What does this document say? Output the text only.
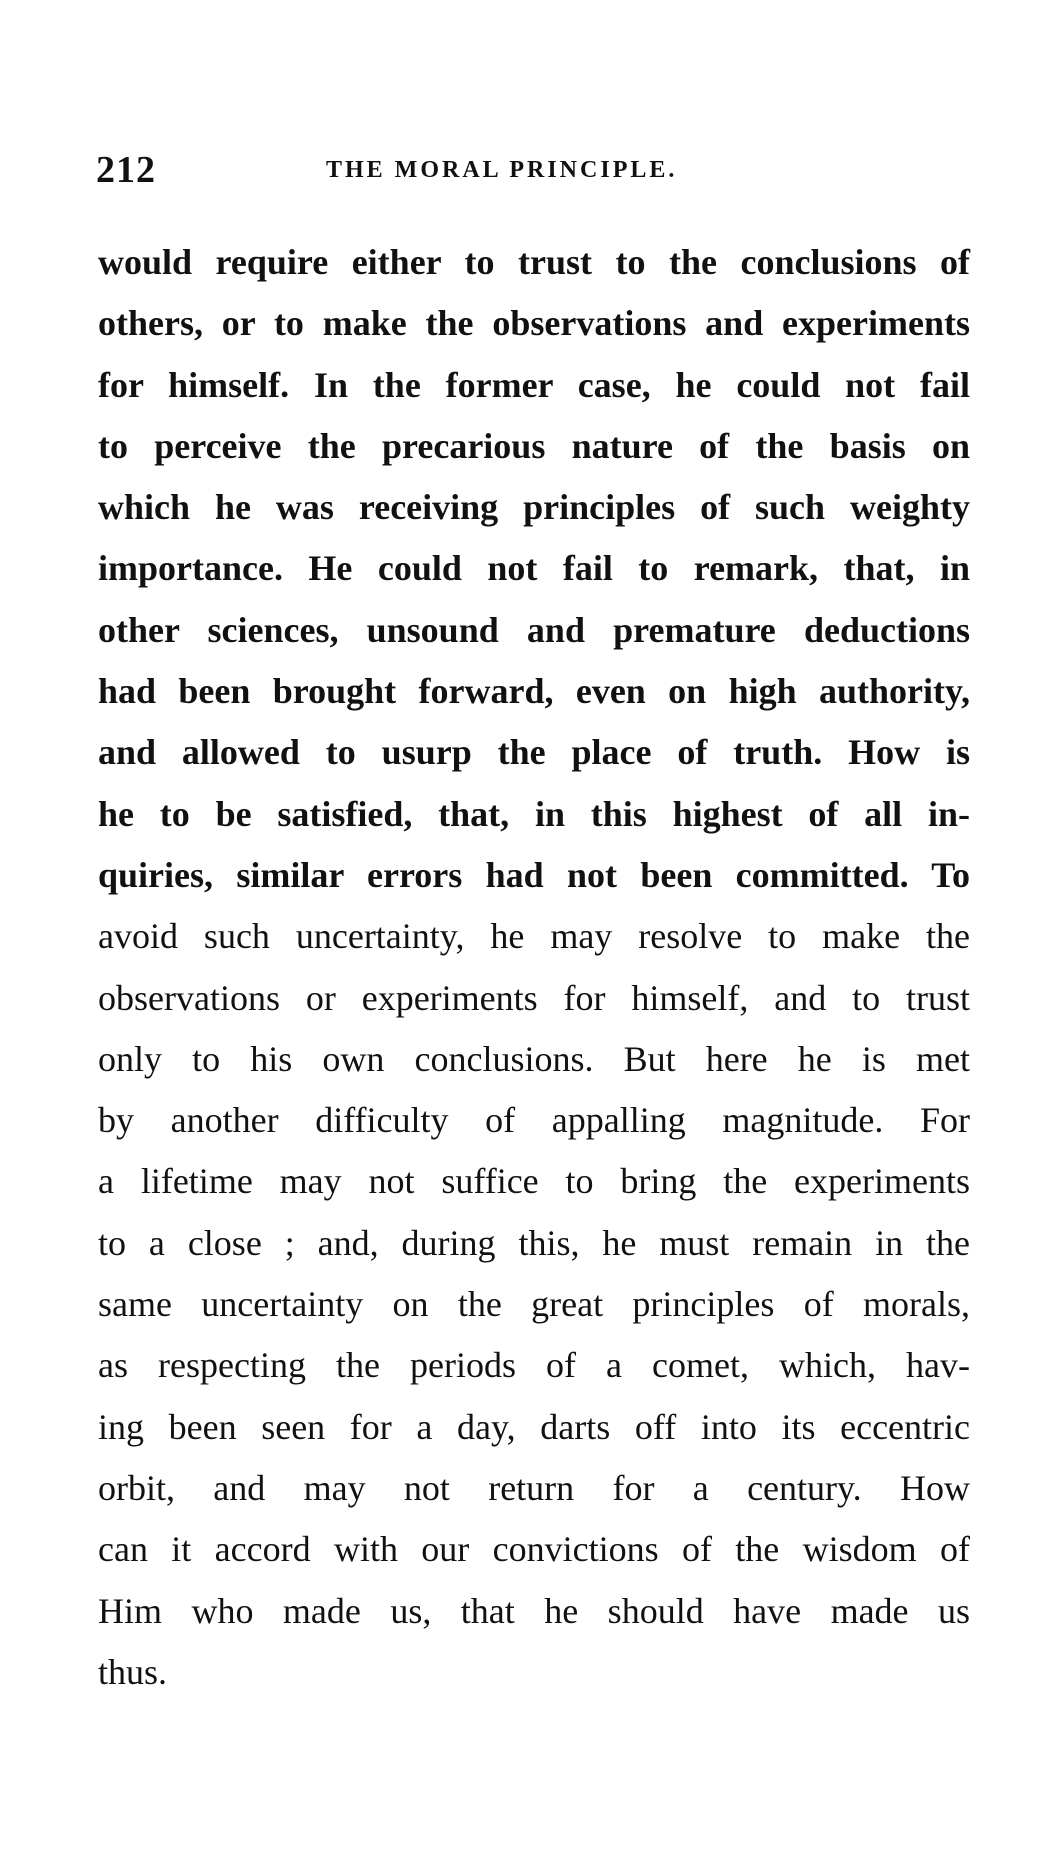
212	THE MORAL PRINCIPLE.
would require either to trust to the conclusions of
others, or to make the observations and experiments
for himself. In the former case, he could not fail
to perceive the precarious nature of the basis on
which he was receiving principles of such weighty
importance. He could not fail to remark, that, in
other sciences, unsound and premature deductions
had been brought forward, even on high authority,
and allowed to usurp the place of truth. How is
he to be satisfied, that, in this highest of all in-
quiries, similar errors had not been committed. To
avoid such uncertainty, he may resolve to make the
observations or experiments for himself, and to trust
only to his own conclusions. But here he is met
by another difficulty of appalling magnitude. For
a lifetime may not suffice to bring the experiments
to a close ; and, during this, he must remain in the
same uncertainty on the great principles of morals,
as respecting the periods of a comet, which, hav-
ing been seen for a day, darts off into its eccentric
orbit, and may not return for a century. How
can it accord with our convictions of the wisdom of
Him who made us, that he should have made us
thus.
